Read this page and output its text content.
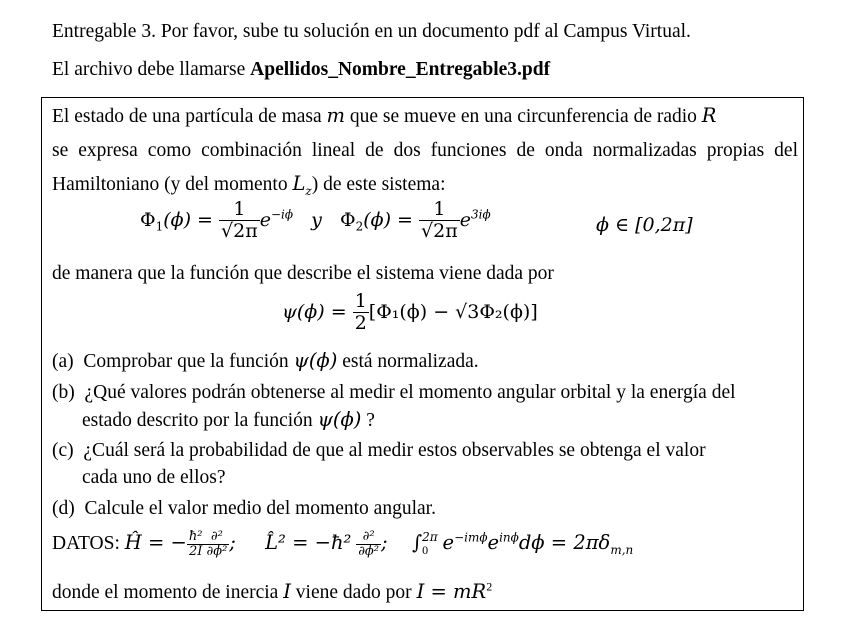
Entregable 3. Por favor, sube tu solución en un documento pdf al Campus Virtual.
El archivo debe llamarse Apellidos_Nombre_Entregable3.pdf
El estado de una partícula de masa m que se mueve en una circunferencia de radio R
se expresa como combinación lineal de dos funciones de onda normalizadas propias del
Hamiltoniano (y del momento $L_z$) de este sistema:
$\Phi_1(\phi) = \frac{1}{√2\pi} e^{-i\phi}$ y $\Phi_2(\phi) = \frac{1}{√2\pi} e^{3i\phi}$	ϕ ∈ [0,2π]
de manera que la función que describe el sistema viene dada por
$\psi(\phi) = \frac{1}{2} [\Phi_1(\phi) - √3\Phi_2(\phi)]$
(a) Comprobar que la función ψ(ϕ) está normalizada.
(b) ¿Qué valores podrán obtenerse al medir el momento angular orbital y la energía del
estado descrito por la función ψ(ϕ) ?
(c) ¿Cuál será la probabilidad de que al medir estos observables se obtenga el valor
cada uno de ellos?
(d) Calcule el valor medio del momento angular.
DATOS: Ĥ = − $\frac{\text{ħ²}}{2I} \frac{\text{∂²}}{\text{∂ϕ²}}$ ; L̂² = −ħ² $\frac{\text{∂²}}{\text{∂ϕ²}}$ ; ∫ 2π
0 $e^{-im\phi}e^{in\phi}d\phi = 2\pi\delta_{m,n}$
donde el momento de inercia I viene dado por $I = mR^2$
